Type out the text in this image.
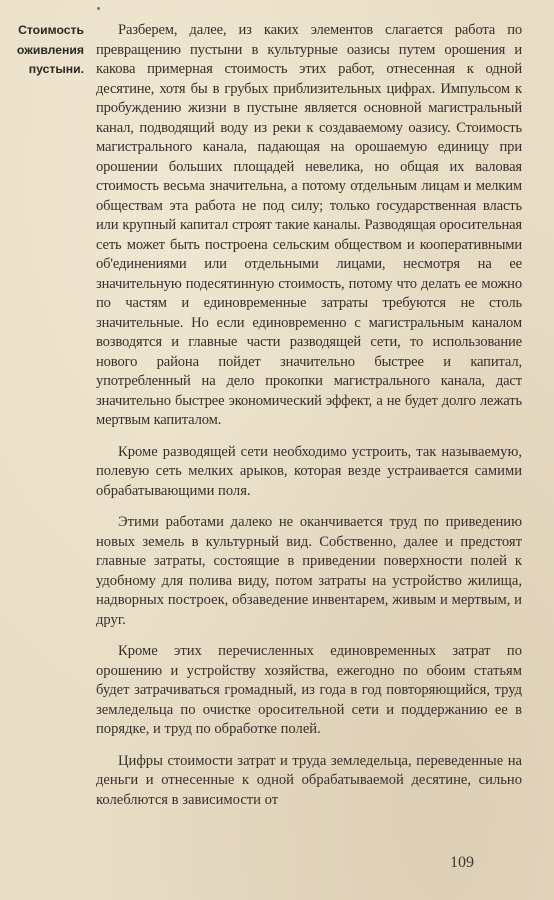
Стоимость
оживления
пустыни.

Разберем, далее, из каких элементов слагается работа по превращению пустыни в культурные оазисы путем орошения и какова примерная стоимость этих работ, отнесенная к одной десятине, хотя бы в грубых приблизительных цифрах. Импульсом к пробуждению жизни в пустыне является основной магистральный канал, подводящий воду из реки к создаваемому оазису. Стоимость магистрального канала, падающая на орошаемую единицу при орошении больших площадей невелика, но общая их валовая стоимость весьма значительна, а потому отдельным лицам и мелким обществам эта работа не под силу; только государственная власть или крупный капитал строят такие каналы. Разводящая оросительная сеть может быть построена сельским обществом и кооперативными об'единениями или отдельными лицами, несмотря на ее значительную подесятинную стоимость, потому что делать ее можно по частям и единовременные затраты требуются не столь значительные. Но если единовременно с магистральным каналом возводятся и главные части разводящей сети, то использование нового района пойдет значительно быстрее и капитал, употребленный на дело прокопки магистрального канала, даст значительно быстрее экономический эффект, а не будет долго лежать мертвым капиталом.

Кроме разводящей сети необходимо устроить, так называемую, полевую сеть мелких арыков, которая везде устраивается самими обрабатывающими поля.

Этими работами далеко не оканчивается труд по приведению новых земель в культурный вид. Собственно, далее и предстоят главные затраты, состоящие в приведении поверхности полей к удобному для полива виду, потом затраты на устройство жилища, надворных построек, обзаведение инвентарем, живым и мертвым, и друг.

Кроме этих перечисленных единовременных затрат по орошению и устройству хозяйства, ежегодно по обоим статьям будет затрачиваться громадный, из года в год повторяющийся, труд земледельца по очистке оросительной сети и поддержанию ее в порядке, и труд по обработке полей.

Цифры стоимости затрат и труда земледельца, переведенные на деньги и отнесенные к одной обрабатываемой десятине, сильно колеблются в зависимости от

109
